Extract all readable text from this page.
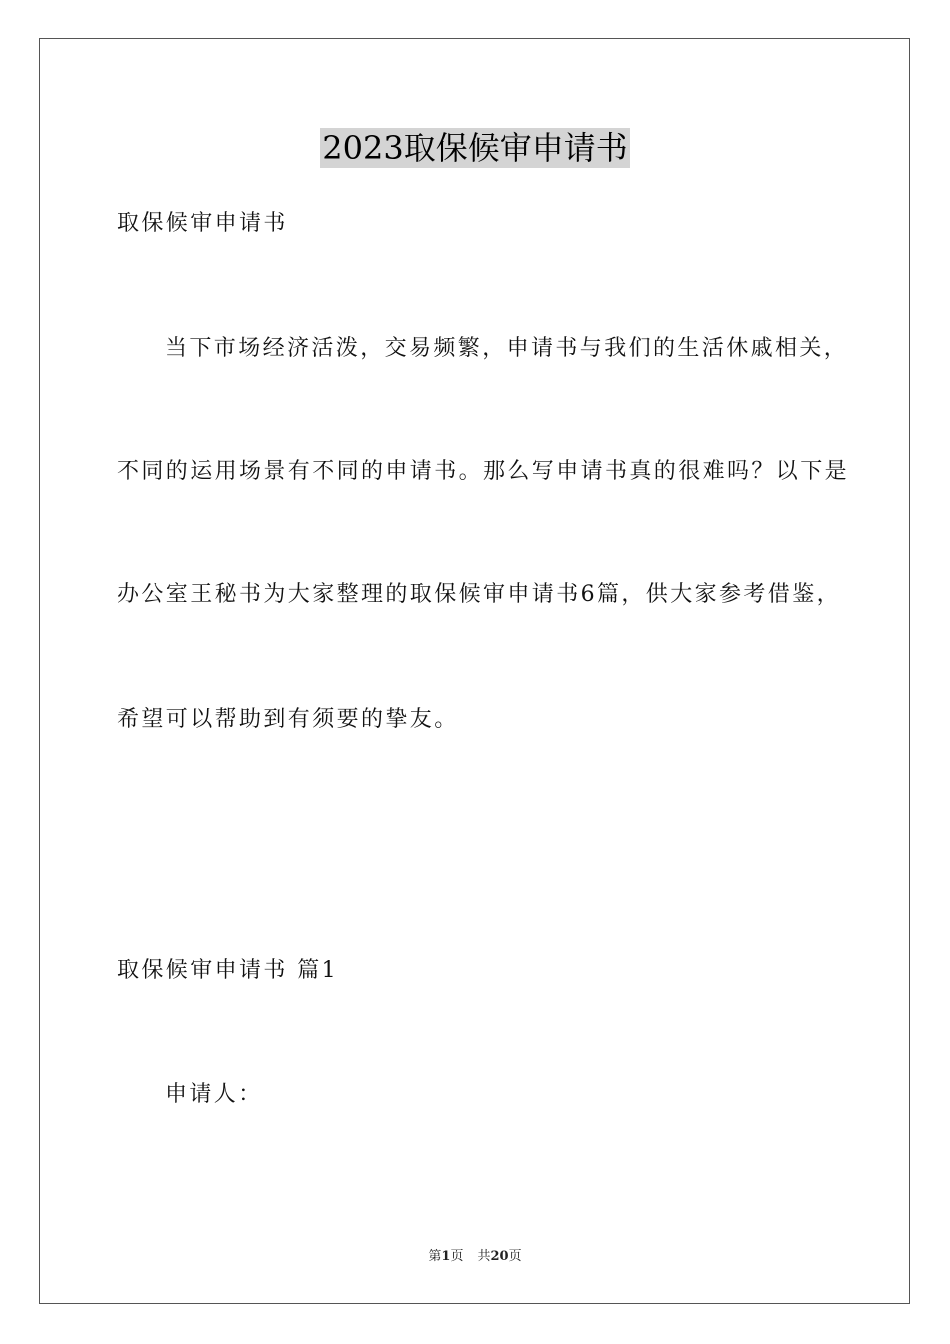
2023取保候审申请书
取保候审申请书
当下市场经济活泼，交易频繁，申请书与我们的生活休戚相关，
不同的运用场景有不同的申请书。那么写申请书真的很难吗？以下是
办公室王秘书为大家整理的取保候审申请书6篇，供大家参考借鉴，
希望可以帮助到有须要的挚友。
取保候审申请书 篇1
申请人：
第1页 共20页
